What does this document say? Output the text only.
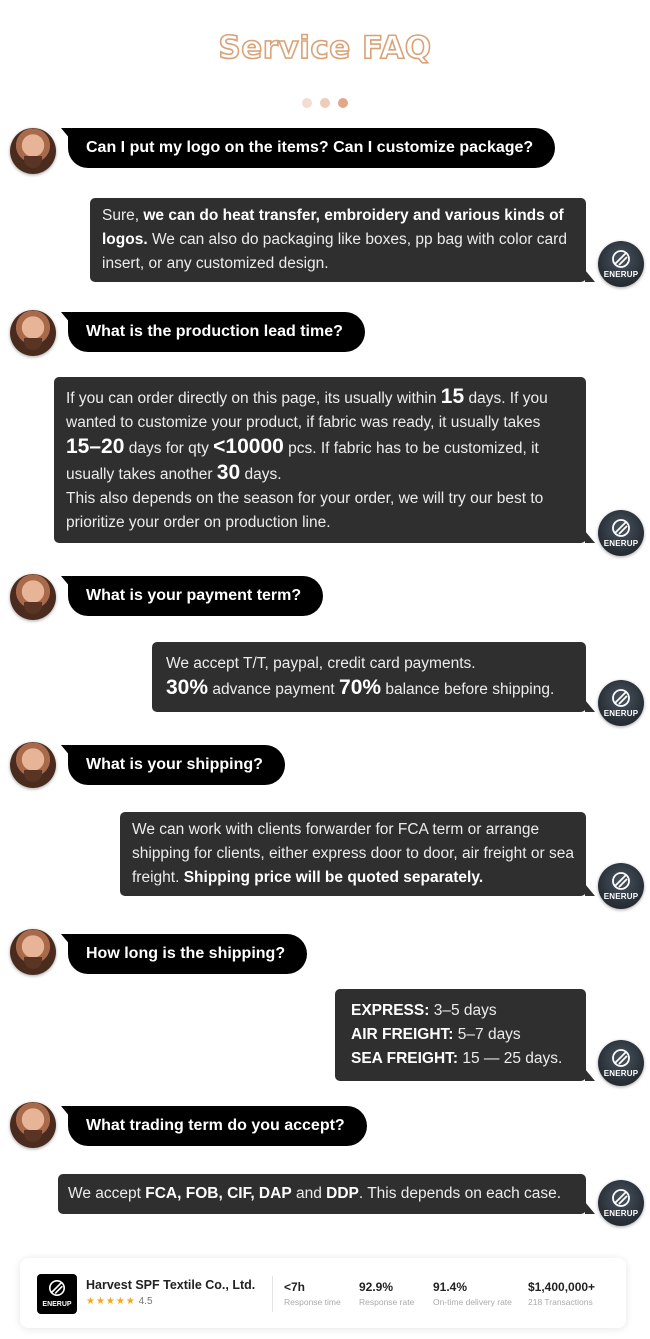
Service FAQ
Can I put my logo on the items? Can I customize package?
Sure, we can do heat transfer, embroidery and various kinds of logos. We can also do packaging like boxes, pp bag with color card insert, or any customized design.
ENERUP
What is the production lead time?
If you can order directly on this page, its usually within 15 days. If you wanted to customize your product, if fabric was ready, it usually takes 15–20 days for qty <10000 pcs. If fabric has to be customized, it usually takes another 30 days.
This also depends on the season for your order, we will try our best to prioritize your order on production line.
ENERUP
What is your payment term?
We accept T/T, paypal, credit card payments.
30% advance payment 70% balance before shipping.
ENERUP
What is your shipping?
We can work with clients forwarder for FCA term or arrange shipping for clients, either express door to door, air freight or sea freight. Shipping price will be quoted separately.
ENERUP
How long is the shipping?
EXPRESS: 3–5 days
AIR FREIGHT: 5–7 days
SEA FREIGHT: 15 — 25 days.
ENERUP
What trading term do you accept?
We accept FCA, FOB, CIF, DAP and DDP. This depends on each case.
ENERUP
ENERUP
Harvest SPF Textile Co., Ltd.
★★★★★ 4.5
<7h
Response time
92.9%
Response rate
91.4%
On-time delivery rate
$1,400,000+
218 Transactions
